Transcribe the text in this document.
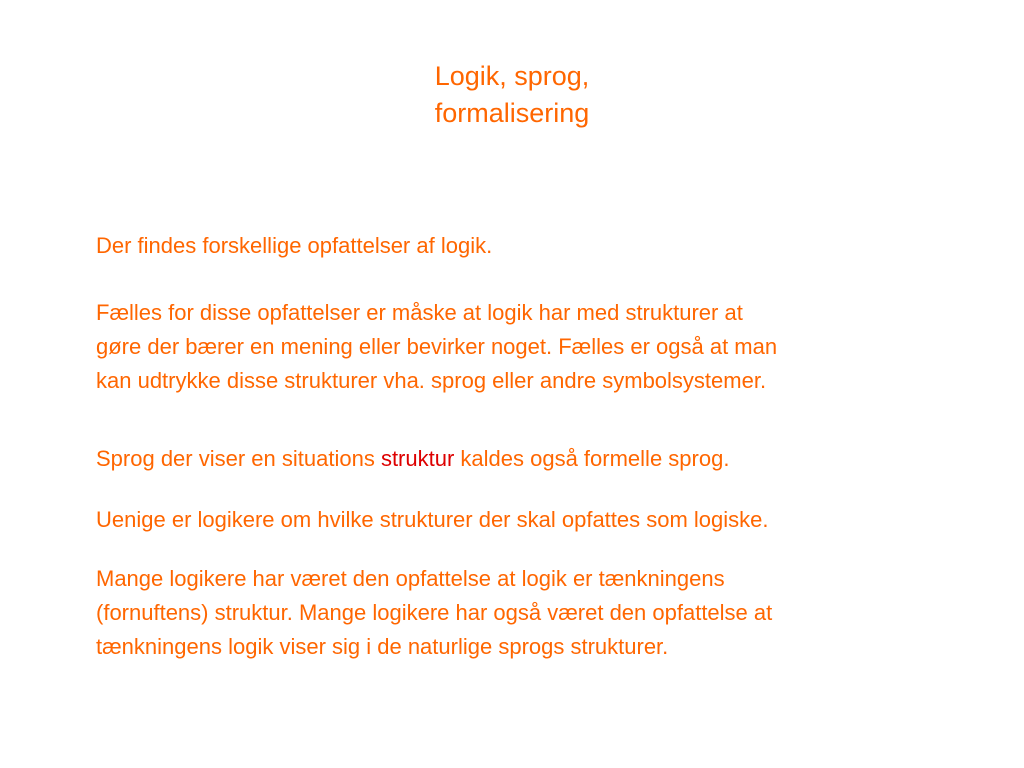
Logik, sprog,
formalisering
Der findes forskellige opfattelser af logik.
Fælles for disse opfattelser er måske at logik har med strukturer at
gøre der bærer en mening eller bevirker noget. Fælles er også at man
kan udtrykke disse strukturer vha. sprog eller andre symbolsystemer.
Sprog der viser en situations struktur kaldes også formelle sprog.
Uenige er logikere om hvilke strukturer der skal opfattes som logiske.
Mange logikere har været den opfattelse at logik er tænkningens
(fornuftens) struktur. Mange logikere har også været den opfattelse at
tænkningens logik viser sig i de naturlige sprogs strukturer.
